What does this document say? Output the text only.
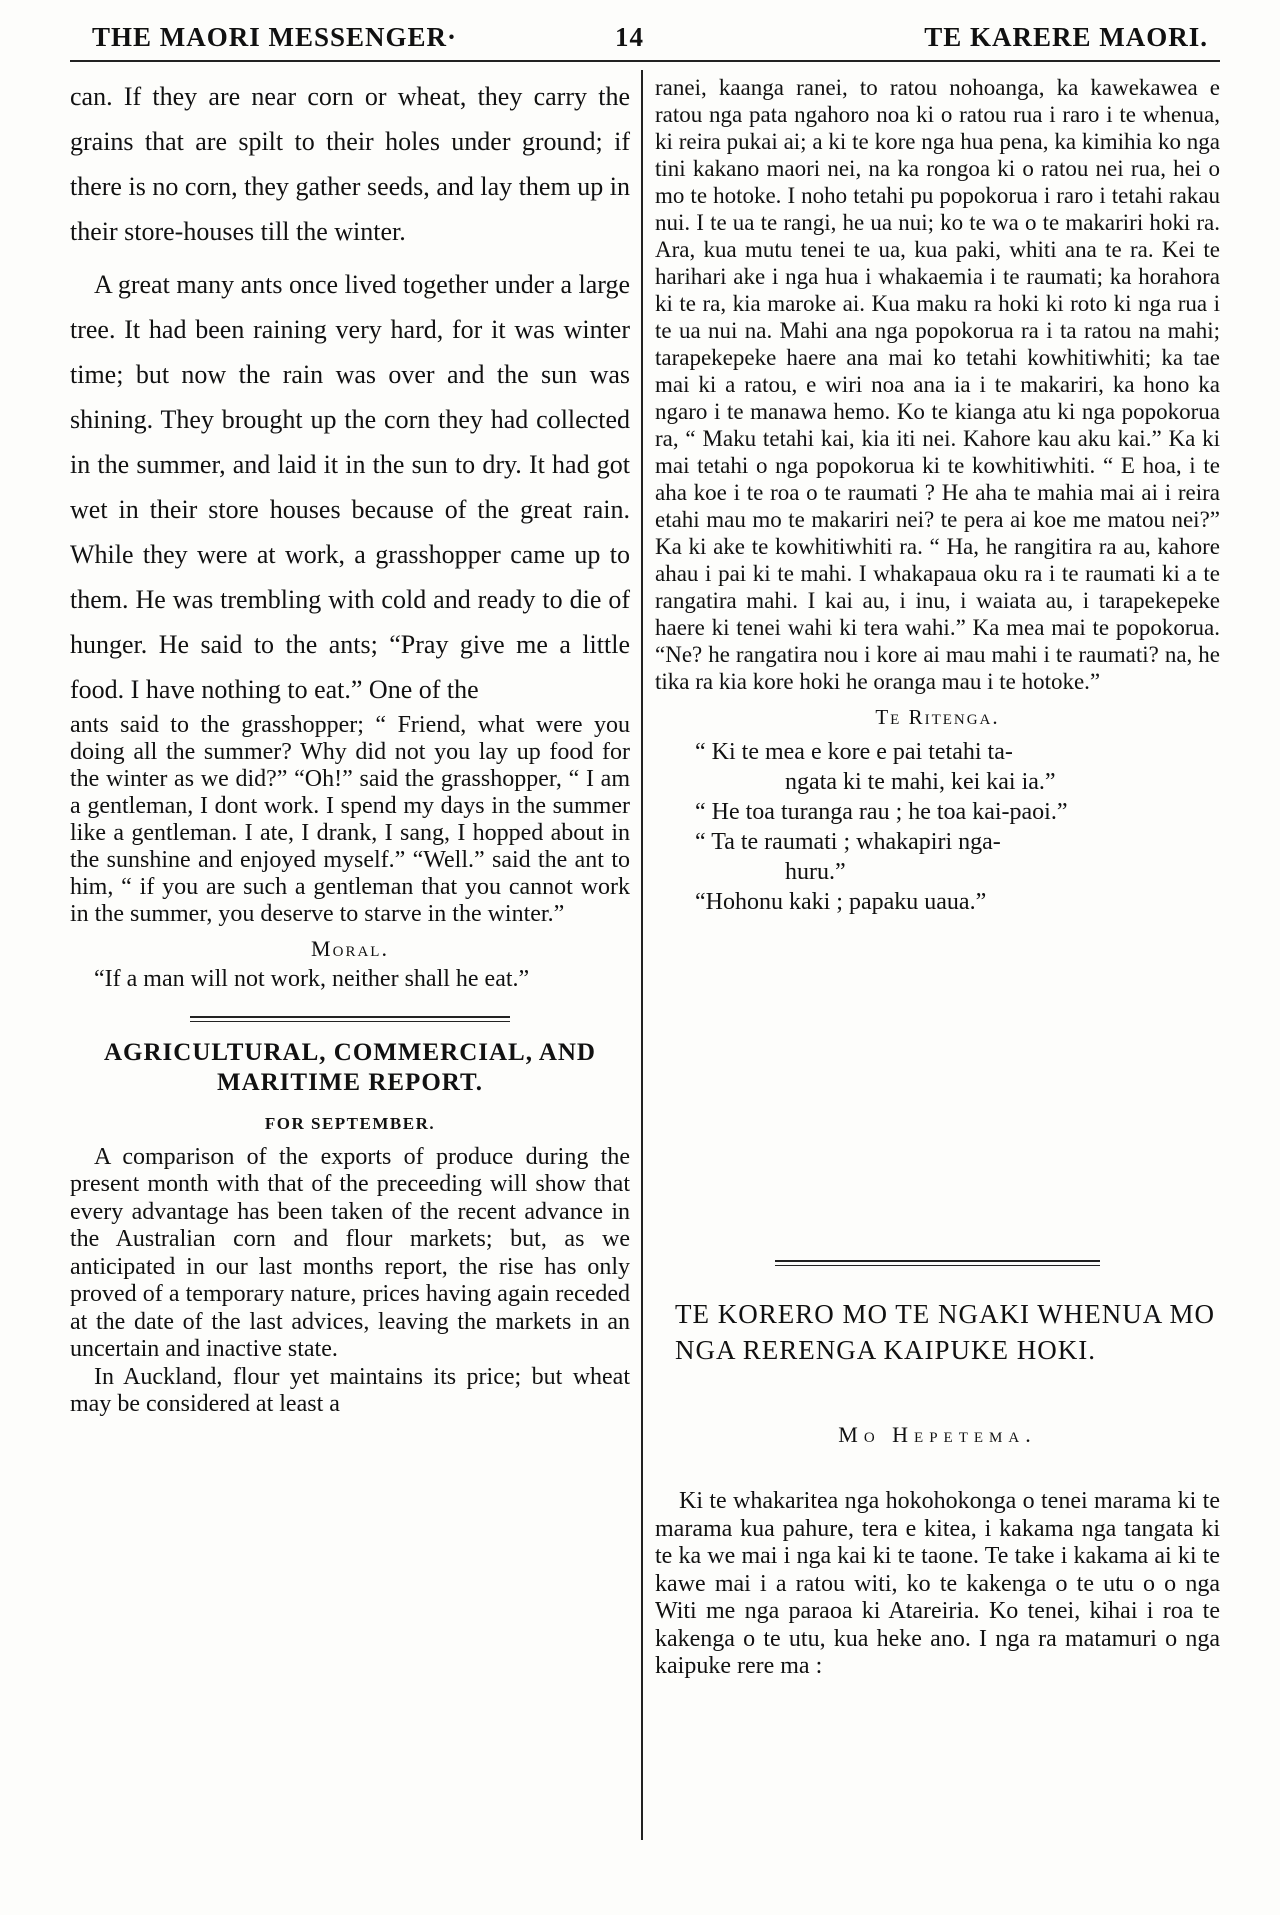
THE MAORI MESSENGER·	14	TE KARERE MAORI.

can. If they are near corn or wheat, they carry the grains that are spilt to their holes under ground; if there is no corn, they gather seeds, and lay them up in their store-houses till the winter.

A great many ants once lived together under a large tree. It had been raining very hard, for it was winter time; but now the rain was over and the sun was shining. They brought up the corn they had collected in the summer, and laid it in the sun to dry. It had got wet in their store houses because of the great rain. While they were at work, a grasshopper came up to them. He was trembling with cold and ready to die of hunger. He said to the ants; “Pray give me a little food. I have nothing to eat.” One of the

ants said to the grasshopper; “ Friend, what were you doing all the summer? Why did not you lay up food for the winter as we did?” “Oh!” said the grasshopper, “ I am a gentleman, I dont work. I spend my days in the summer like a gentleman. I ate, I drank, I sang, I hopped about in the sunshine and enjoyed myself.” “Well.” said the ant to him, “ if you are such a gentleman that you cannot work in the summer, you deserve to starve in the winter.”

Moral.

“If a man will not work, neither shall he eat.”

AGRICULTURAL, COMMERCIAL, AND MARITIME REPORT.

FOR SEPTEMBER.

A comparison of the exports of produce during the present month with that of the preceeding will show that every advantage has been taken of the recent advance in the Australian corn and flour markets; but, as we anticipated in our last months report, the rise has only proved of a temporary nature, prices having again receded at the date of the last advices, leaving the markets in an uncertain and inactive state.

In Auckland, flour yet maintains its price; but wheat may be considered at least a

ranei, kaanga ranei, to ratou nohoanga, ka kawekawea e ratou nga pata ngahoro noa ki o ratou rua i raro i te whenua, ki reira pukai ai; a ki te kore nga hua pena, ka kimihia ko nga tini kakano maori nei, na ka rongoa ki o ratou nei rua, hei o mo te hotoke. I noho tetahi pu popokorua i raro i tetahi rakau nui. I te ua te rangi, he ua nui; ko te wa o te makariri hoki ra. Ara, kua mutu tenei te ua, kua paki, whiti ana te ra. Kei te harihari ake i nga hua i whakaemia i te raumati; ka horahora ki te ra, kia maroke ai. Kua maku ra hoki ki roto ki nga rua i te ua nui na. Mahi ana nga popokorua ra i ta ratou na mahi; tarapekepeke haere ana mai ko tetahi kowhitiwhiti; ka tae mai ki a ratou, e wiri noa ana ia i te makariri, ka hono ka ngaro i te manawa hemo. Ko te kianga atu ki nga popokorua ra, “ Maku tetahi kai, kia iti nei. Kahore kau aku kai.” Ka ki mai tetahi o nga popokorua ki te kowhitiwhiti. “ E hoa, i te aha koe i te roa o te raumati ? He aha te mahia mai ai i reira etahi mau mo te makariri nei? te pera ai koe me matou nei?” Ka ki ake te kowhitiwhiti ra. “ Ha, he rangitira ra au, kahore ahau i pai ki te mahi. I whakapaua oku ra i te raumati ki a te rangatira mahi. I kai au, i inu, i waiata au, i tarapekepeke haere ki tenei wahi ki tera wahi.” Ka mea mai te popokorua. “Ne? he rangatira nou i kore ai mau mahi i te raumati? na, he tika ra kia kore hoki he oranga mau i te hotoke.”

Te Ritenga.

“ Ki te mea e kore e pai tetahi ta-

ngata ki te mahi, kei kai ia.”

“ He toa turanga rau ; he toa kai-paoi.”

“ Ta te raumati ; whakapiri nga-

huru.”

“Hohonu kaki ; papaku uaua.”

TE KORERO MO TE NGAKI WHENUA MO NGA RERENGA KAIPUKE HOKI.

Mo Hepetema.

Ki te whakaritea nga hokohokonga o tenei marama ki te marama kua pahure, tera e kitea, i kakama nga tangata ki te ka we mai i nga kai ki te taone. Te take i kakama ai ki te kawe mai i a ratou witi, ko te kakenga o te utu o o nga Witi me nga paraoa ki Atareiria. Ko tenei, kihai i roa te kakenga o te utu, kua heke ano. I nga ra matamuri o nga kaipuke rere ma :
